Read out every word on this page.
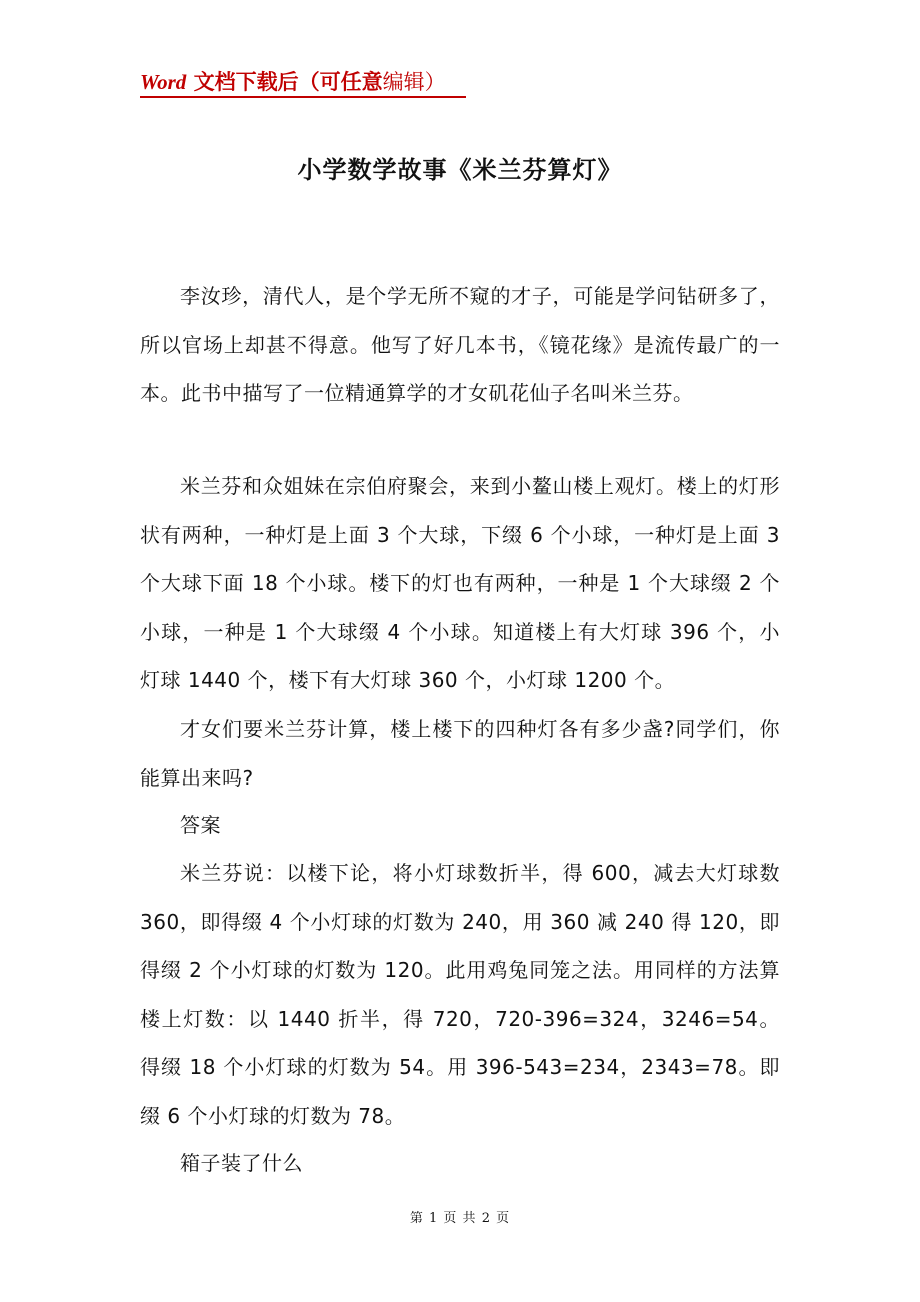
Word 文档下载后（可任意编辑）
小学数学故事《米兰芬算灯》

李汝珍，清代人，是个学无所不窥的才子，可能是学问钻研多了，所以官场上却甚不得意。他写了好几本书，《镜花缘》是流传最广的一本。此书中描写了一位精通算学的才女矶花仙子名叫米兰芬。

米兰芬和众姐妹在宗伯府聚会，来到小鳌山楼上观灯。楼上的灯形状有两种，一种灯是上面 3 个大球，下缀 6 个小球，一种灯是上面 3 个大球下面 18 个小球。楼下的灯也有两种，一种是 1 个大球缀 2 个小球，一种是 1 个大球缀 4 个小球。知道楼上有大灯球 396 个，小灯球 1440 个，楼下有大灯球 360 个，小灯球 1200 个。

才女们要米兰芬计算，楼上楼下的四种灯各有多少盏?同学们，你能算出来吗?

答案

米兰芬说：以楼下论，将小灯球数折半，得 600，减去大灯球数 360，即得缀 4 个小灯球的灯数为 240，用 360 减 240 得 120，即得缀 2 个小灯球的灯数为 120。此用鸡兔同笼之法。用同样的方法算楼上灯数：以 1440 折半，得 720，720-396=324，3246=54。得缀 18 个小灯球的灯数为 54。用 396-543=234，2343=78。即缀 6 个小灯球的灯数为 78。

箱子装了什么

第 1 页 共 2 页
